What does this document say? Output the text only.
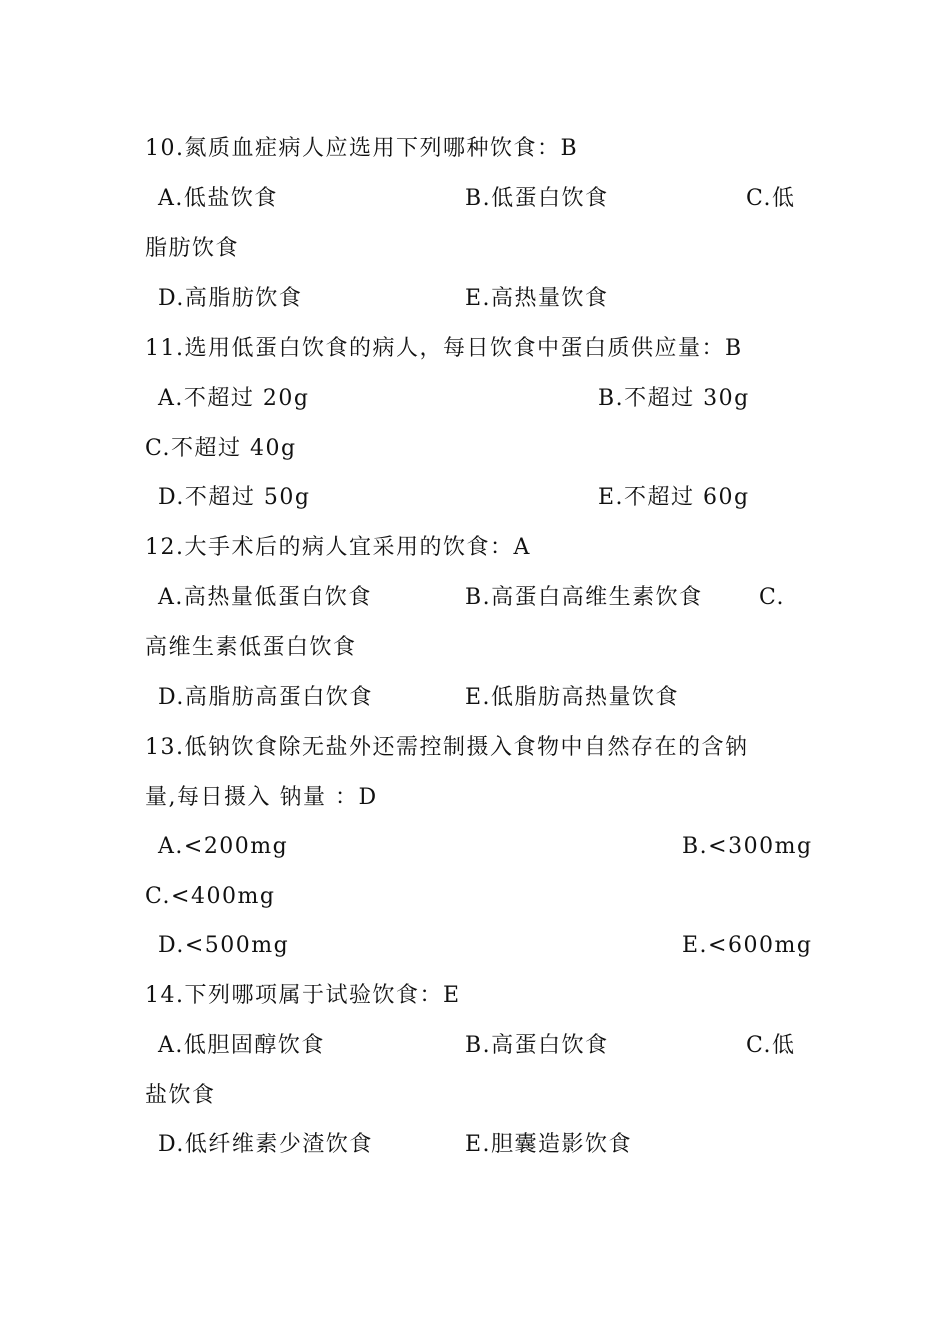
10.氮质血症病人应选用下列哪种饮食：B
A.低盐饮食	B.低蛋白饮食	C.低
脂肪饮食
D.高脂肪饮食	E.高热量饮食
11.选用低蛋白饮食的病人，每日饮食中蛋白质供应量：B
A.不超过 20g	B.不超过 30g
C.不超过 40g
D.不超过 50g	E.不超过 60g
12.大手术后的病人宜采用的饮食：A
A.高热量低蛋白饮食	B.高蛋白高维生素饮食	C.
高维生素低蛋白饮食
D.高脂肪高蛋白饮食	E.低脂肪高热量饮食
13.低钠饮食除无盐外还需控制摄入食物中自然存在的含钠
量,每日摄入 钠量 ：D
A.<200mg	B.<300mg
C.<400mg
D.<500mg	E.<600mg
14.下列哪项属于试验饮食：E
A.低胆固醇饮食	B.高蛋白饮食	C.低
盐饮食
D.低纤维素少渣饮食	E.胆囊造影饮食
